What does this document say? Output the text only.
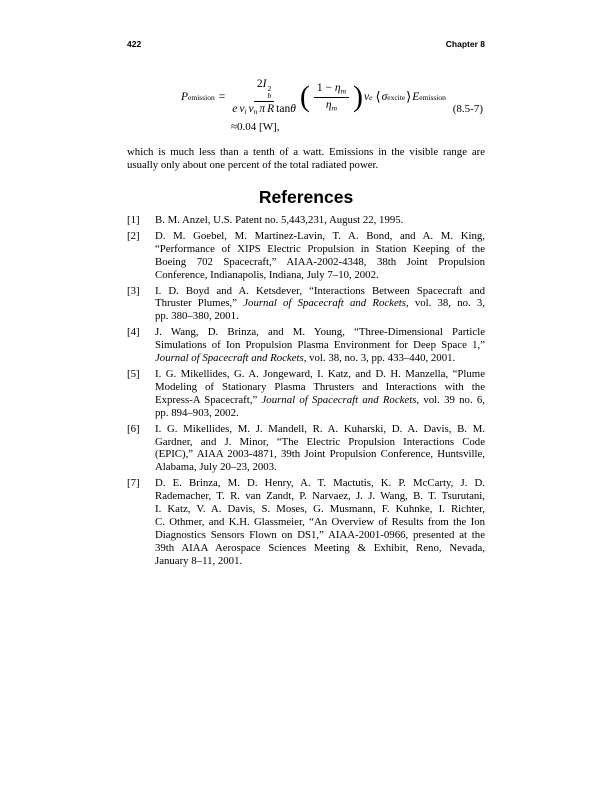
422	Chapter 8
P emission = 2I 2
b
e $v_i$ $v_n$ π R tanθ ( $\frac{1 - \eta_m}{\eta_m}$ ) v e ⟨ σ excite ⟩ E emission
(8.5-7)
≈0.04 [W],
which is much less than a tenth of a watt. Emissions in the visible range are
usually only about one percent of the total radiated power.
References
[1]	B. M. Anzel, U.S. Patent no. 5,443,231, August 22, 1995.
[2]	D. M. Goebel, M. Martinez-Lavin, T. A. Bond, and A. M. King,
“Performance of XIPS Electric Propulsion in Station Keeping of the
Boeing 702 Spacecraft,” AIAA-2002-4348, 38th Joint Propulsion
Conference, Indianapolis, Indiana, July 7–10, 2002.
[3]	I. D. Boyd and A. Ketsdever, “Interactions Between Spacecraft and
Thruster Plumes,” Journal of Spacecraft and Rockets, vol. 38, no. 3,
pp. 380–380, 2001.
[4]	J. Wang, D. Brinza, and M. Young, “Three-Dimensional Particle
Simulations of Ion Propulsion Plasma Environment for Deep Space 1,”
Journal of Spacecraft and Rockets, vol. 38, no. 3, pp. 433–440, 2001.
[5]	I. G. Mikellides, G. A. Jongeward, I. Katz, and D. H. Manzella, “Plume
Modeling of Stationary Plasma Thrusters and Interactions with the
Express-A Spacecraft,” Journal of Spacecraft and Rockets, vol. 39 no. 6,
pp. 894–903, 2002.
[6]	I. G. Mikellides, M. J. Mandell, R. A. Kuharski, D. A. Davis, B. M.
Gardner, and J. Minor, “The Electric Propulsion Interactions Code
(EPIC),” AIAA 2003-4871, 39th Joint Propulsion Conference, Huntsville,
Alabama, July 20–23, 2003.
[7]	D. E. Brinza, M. D. Henry, A. T. Mactutis, K. P. McCarty, J. D.
Rademacher, T. R. van Zandt, P. Narvaez, J. J. Wang, B. T. Tsurutani,
I. Katz, V. A. Davis, S. Moses, G. Musmann, F. Kuhnke, I. Richter,
C. Othmer, and K.H. Glassmeier, “An Overview of Results from the Ion
Diagnostics Sensors Flown on DS1,” AIAA-2001-0966, presented at the
39th AIAA Aerospace Sciences Meeting & Exhibit, Reno, Nevada,
January 8–11, 2001.
